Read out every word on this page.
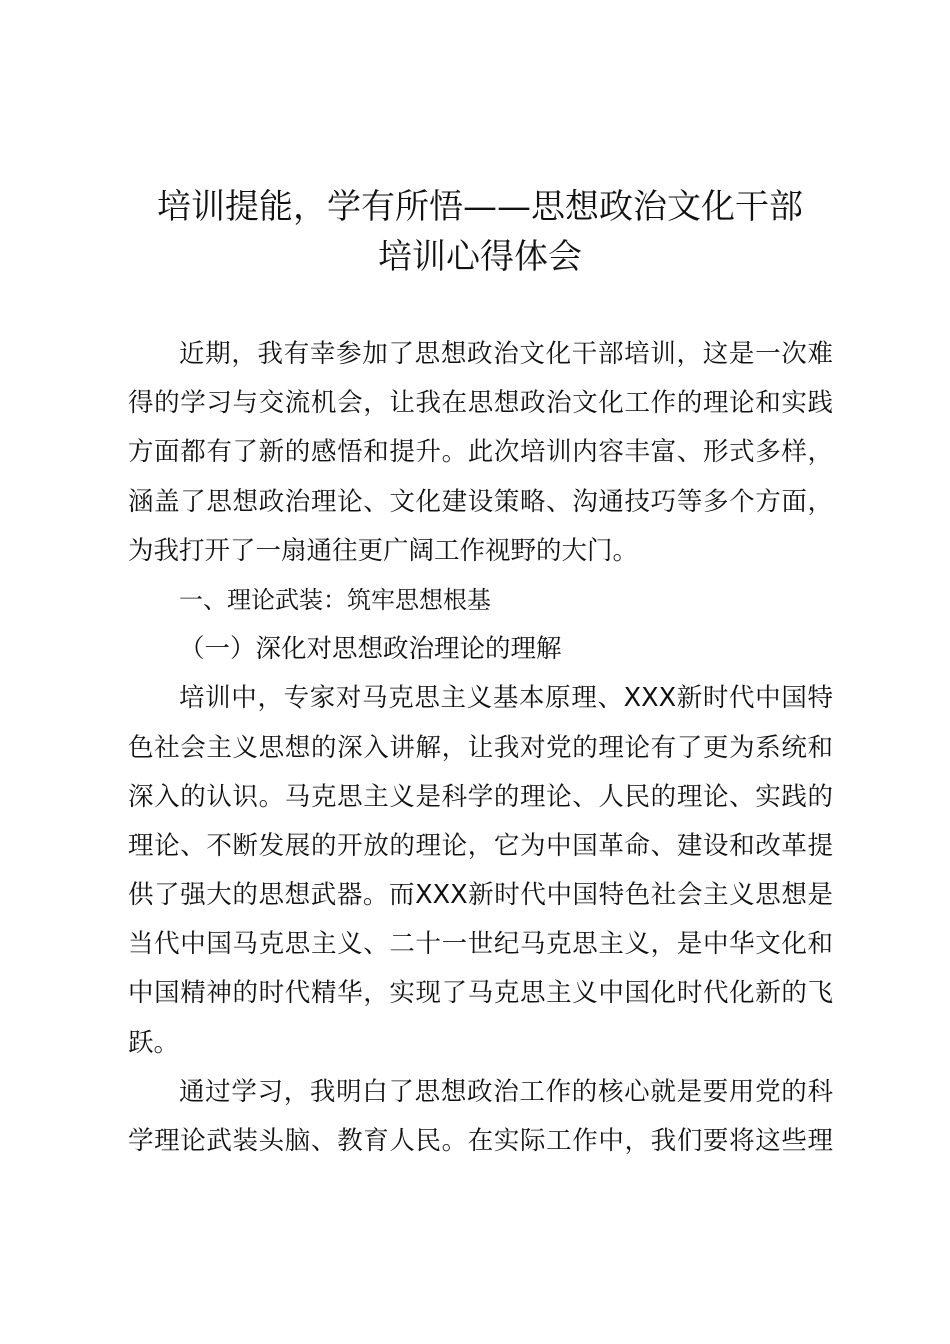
培训提能，学有所悟——思想政治文化干部
培训心得体会
近期，我有幸参加了思想政治文化干部培训，这是一次难
得的学习与交流机会，让我在思想政治文化工作的理论和实践
方面都有了新的感悟和提升。此次培训内容丰富、形式多样，
涵盖了思想政治理论、文化建设策略、沟通技巧等多个方面，
为我打开了一扇通往更广阔工作视野的大门。
一、理论武装：筑牢思想根基
（一）深化对思想政治理论的理解
培训中，专家对马克思主义基本原理、XXX新时代中国特
色社会主义思想的深入讲解，让我对党的理论有了更为系统和
深入的认识。马克思主义是科学的理论、人民的理论、实践的
理论、不断发展的开放的理论，它为中国革命、建设和改革提
供了强大的思想武器。而XXX新时代中国特色社会主义思想是
当代中国马克思主义、二十一世纪马克思主义，是中华文化和
中国精神的时代精华，实现了马克思主义中国化时代化新的飞
跃。
通过学习，我明白了思想政治工作的核心就是要用党的科
学理论武装头脑、教育人民。在实际工作中，我们要将这些理
